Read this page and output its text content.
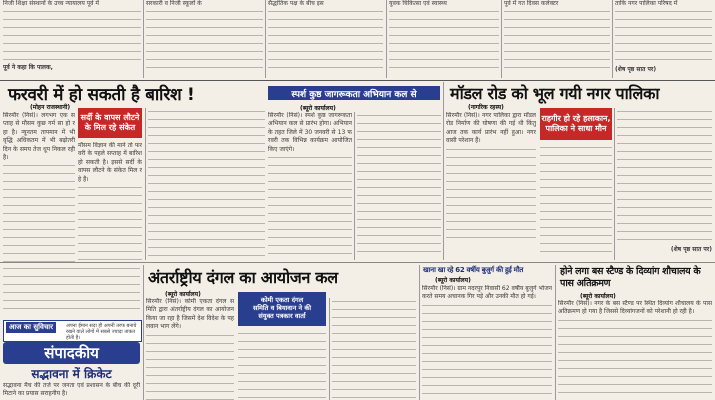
निजी शिक्षा संस्थानों के उच्च न्यायालय पूर्व में

पूर्व ने कहा कि पालक,

सरकारी व निजी स्कूलों के	सैद्धांतिक पक्ष के बीच इस	युवक चिकित्सा एवं स्वास्थ्य	पूर्व में गत दिवस कलेक्टर	ताकि नगर पालिका परिषद में

(शेष पृष्ठ सात पर)

फरवरी में हो सकती है बारिश !
(मोहन राजस्थानी)

सिरमौर (निसं)। लगभग एक सप्ताह से मौसम कुछ गर्म सा हो रहा है। न्यूनतम तापमान में भी वृद्धि अधिकतम में भी बढ़ोतरी दिन के समय तेज धूप निकल रही है।

सर्दी के वापस लौटने
के मिल रहे संकेत

मौसम विज्ञान की माने तो फरवरी के पहले सप्ताह में बारिश हो सकती है। इससे सर्दी के वापस लौटने के संकेत मिल रहे हैं।

स्पर्श कुष्ठ जागरूकता अभियान कल से
(ब्यूरो कार्यालय)

सिरमौर (निसं)। स्पर्श कुष्ठ जागरूकता अभियान कल से प्रारंभ होगा। अभियान के तहत जिले में 30 जनवरी से 13 फरवरी तक विभिन्न कार्यक्रम आयोजित किए जाएंगे।

मॉडल रोड को भूल गयी नगर पालिका
(नागरिक रहस्य)

सिरमौर (निसं)। नगर पालिका द्वारा मॉडल रोड निर्माण की घोषणा की गई थी किंतु आज तक कार्य प्रारंभ नहीं हुआ। नगरवासी परेशान हैं।

राहगीर हो रहे हलाकान,
पालिका ने साधा मौन

(शेष पृष्ठ सात पर)

आज का सुविचार	अपना ईमान सदा ही अपनी तरफ बनाये रखने वाले लोगों में सबसे ज्यादा ताकत होती है।
संपादकीय
सद्भावना में क्रिकेट

सद्भावना मैच की तर्ज पर जनता एवं प्रशासन के बीच की दूरी मिटाने का प्रयास सराहनीय है।

अंतर्राष्ट्रीय दंगल का आयोजन कल
(ब्यूरो कार्यालय)

सिरमौर (निसं)। कोमी एकता दंगल समिति द्वारा अंतर्राष्ट्रीय दंगल का आयोजन किया जा रहा है जिसमें देश विदेश के पहलवान भाग लेंगे।

कोमी एकता दंगल
समिति व बियावान ने की
संयुक्त पत्रकार वार्ता
खाना खा रहे 62 वर्षीय बुजुर्ग की हुई मौत
(ब्यूरो कार्यालय)

सिरमौर (निसं)। ग्राम नदरपुर निवासी 62 वर्षीय बुजुर्ग भोजन करते समय अचानक गिर पड़े और उनकी मौत हो गई।

होने लगा बस स्टैण्ड के दिव्यांग शौचालय के पास अतिक्रमण
(ब्यूरो कार्यालय)

सिरमौर (निसं)। नगर के बस स्टैण्ड पर स्थित दिव्यांग शौचालय के पास अतिक्रमण हो गया है जिससे दिव्यांगजनों को परेशानी हो रही है।
